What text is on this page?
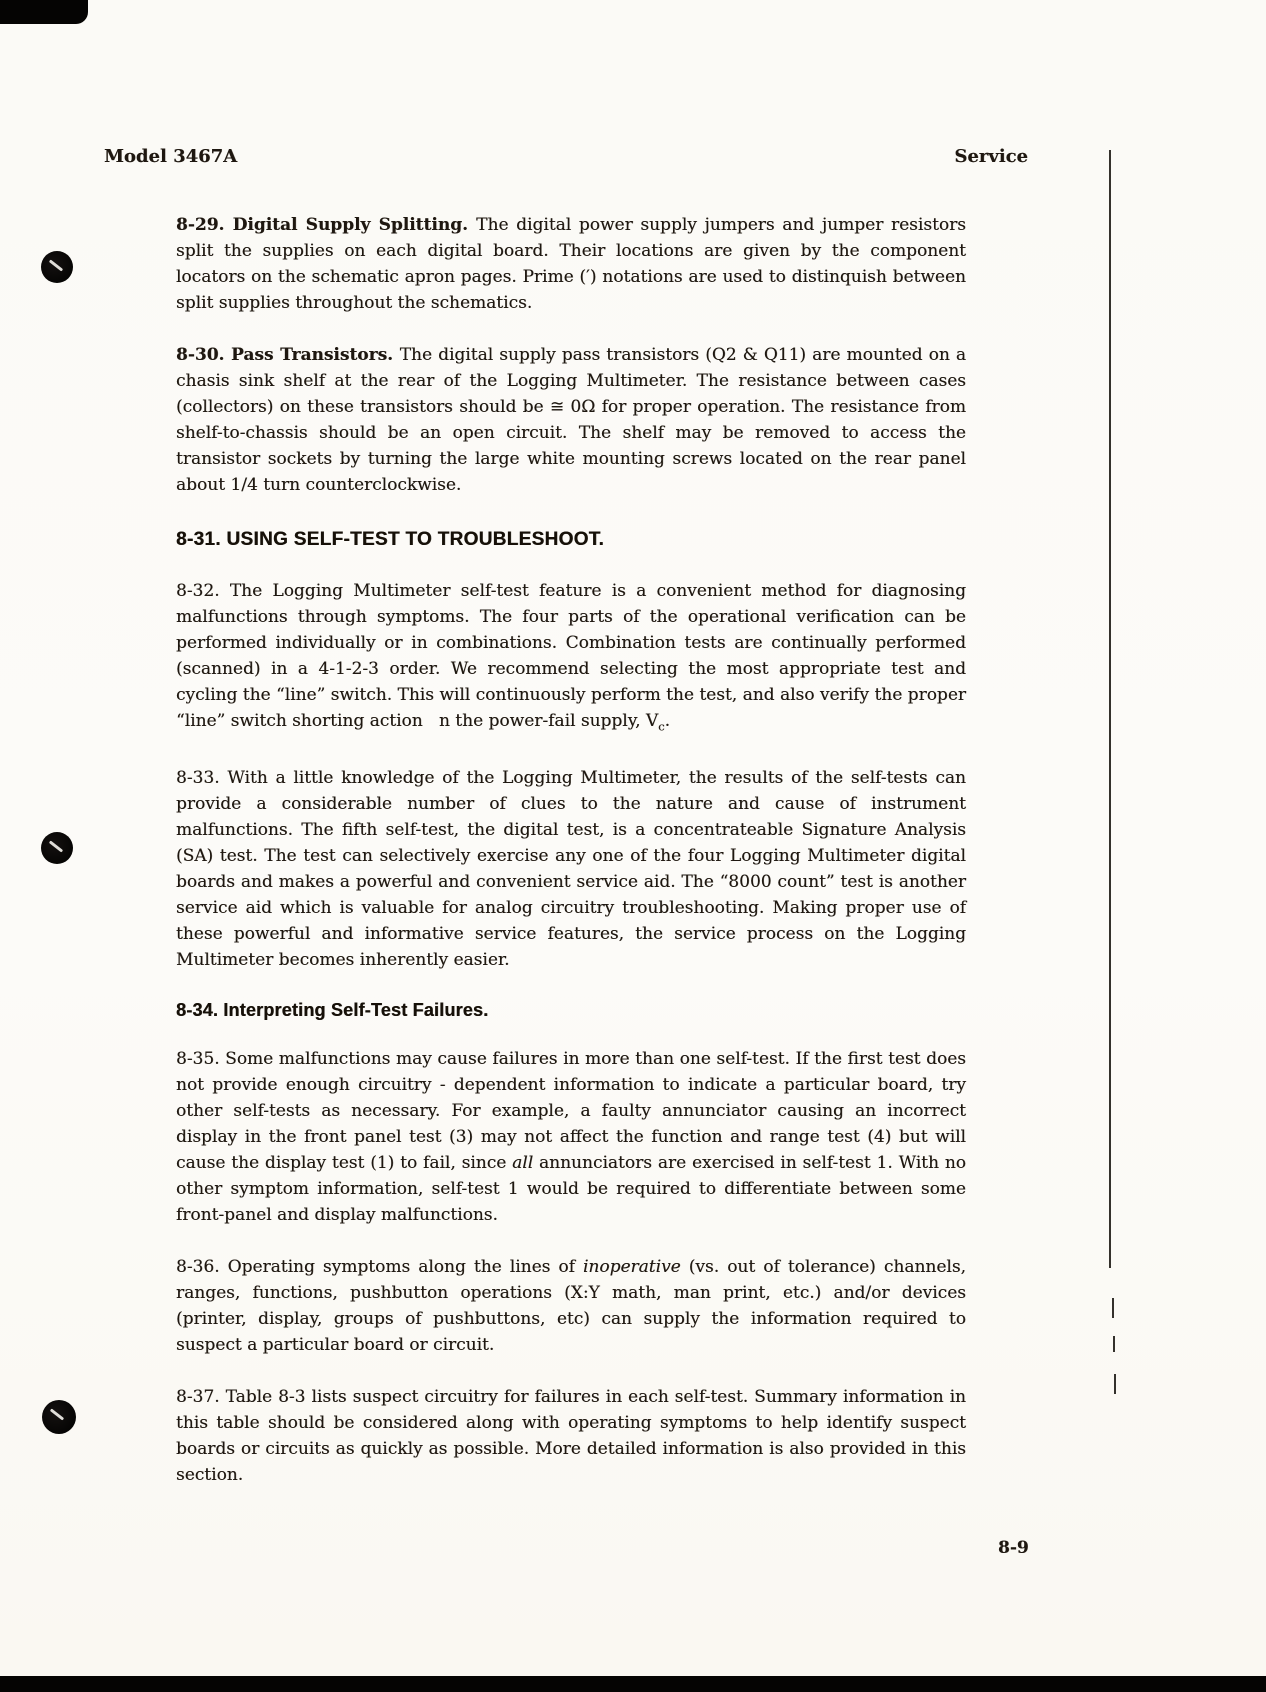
Model 3467A	Service

8-29. Digital Supply Splitting. The digital power supply jumpers and jumper resistors split the supplies on each digital board. Their locations are given by the component locators on the schematic apron pages. Prime (′) notations are used to distinquish between split supplies throughout the schematics.

8-30. Pass Transistors. The digital supply pass transistors (Q2 & Q11) are mounted on a chasis sink shelf at the rear of the Logging Multimeter. The resistance between cases (collectors) on these transistors should be ≅ 0Ω for proper operation. The resistance from shelf-to-chassis should be an open circuit. The shelf may be removed to access the transistor sockets by turning the large white mounting screws located on the rear panel about 1/4 turn counterclockwise.

8-31. USING SELF-TEST TO TROUBLESHOOT.

8-32. The Logging Multimeter self-test feature is a convenient method for diagnosing malfunctions through symptoms. The four parts of the operational verification can be performed individually or in combinations. Combination tests are continually performed (scanned) in a 4-1-2-3 order. We recommend selecting the most appropriate test and cycling the “line” switch. This will continuously perform the test, and also verify the proper “line” switch shorting action   n the power-fail supply, $V_c$.

8-33. With a little knowledge of the Logging Multimeter, the results of the self-tests can provide a considerable number of clues to the nature and cause of instrument malfunctions. The fifth self-test, the digital test, is a concentrateable Signature Analysis (SA) test. The test can selectively exercise any one of the four Logging Multimeter digital boards and makes a powerful and convenient service aid. The “8000 count” test is another service aid which is valuable for analog circuitry troubleshooting. Making proper use of these powerful and informative service features, the service process on the Logging Multimeter becomes inherently easier.

8-34. Interpreting Self-Test Failures.

8-35. Some malfunctions may cause failures in more than one self-test. If the first test does not provide enough circuitry - dependent information to indicate a particular board, try other self-tests as necessary. For example, a faulty annunciator causing an incorrect display in the front panel test (3) may not affect the function and range test (4) but will cause the display test (1) to fail, since all annunciators are exercised in self-test 1. With no other symptom information, self-test 1 would be required to differentiate between some front-panel and display malfunctions.

8-36. Operating symptoms along the lines of inoperative (vs. out of tolerance) channels, ranges, functions, pushbutton operations (X:Y math, man print, etc.) and/or devices (printer, display, groups of pushbuttons, etc) can supply the information required to suspect a particular board or circuit.

8-37. Table 8-3 lists suspect circuitry for failures in each self-test. Summary information in this table should be considered along with operating symptoms to help identify suspect boards or circuits as quickly as possible. More detailed information is also provided in this section.

8-9
